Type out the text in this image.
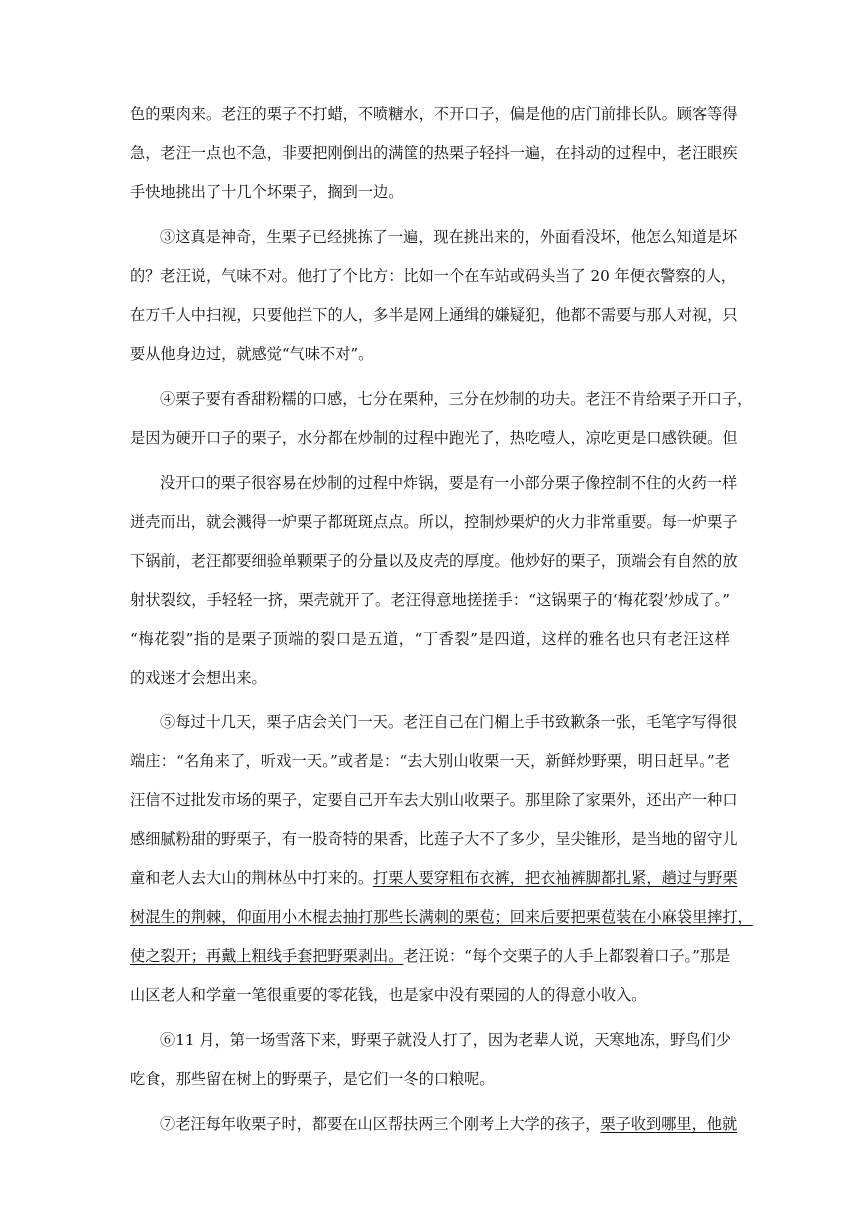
色的栗肉来。老汪的栗子不打蜡，不喷糖水，不开口子，偏是他的店门前排长队。顾客等得
急，老汪一点也不急，非要把刚倒出的满筐的热栗子轻抖一遍，在抖动的过程中，老汪眼疾
手快地挑出了十几个坏栗子，搁到一边。
③这真是神奇，生栗子已经挑拣了一遍，现在挑出来的，外面看没坏，他怎么知道是坏
的？老汪说，气味不对。他打了个比方：比如一个在车站或码头当了 20 年便衣警察的人，
在万千人中扫视，只要他拦下的人，多半是网上通缉的嫌疑犯，他都不需要与那人对视，只
要从他身边过，就感觉“气味不对”。
④栗子要有香甜粉糯的口感，七分在栗种，三分在炒制的功夫。老汪不肯给栗子开口子，
是因为硬开口子的栗子，水分都在炒制的过程中跑光了，热吃噎人，凉吃更是口感铁硬。但
没开口的栗子很容易在炒制的过程中炸锅，要是有一小部分栗子像控制不住的火药一样
迸壳而出，就会溅得一炉栗子都斑斑点点。所以，控制炒栗炉的火力非常重要。每一炉栗子
下锅前，老汪都要细验单颗栗子的分量以及皮壳的厚度。他炒好的栗子，顶端会有自然的放
射状裂纹，手轻轻一挤，栗壳就开了。老汪得意地搓搓手：“这锅栗子的‘梅花裂’炒成了。”
“梅花裂”指的是栗子顶端的裂口是五道，“丁香裂”是四道，这样的雅名也只有老汪这样
的戏迷才会想出来。
⑤每过十几天，栗子店会关门一天。老汪自己在门楣上手书致歉条一张，毛笔字写得很
端庄：“名角来了，听戏一天。”或者是：“去大别山收栗一天，新鲜炒野栗，明日赶早。”老
汪信不过批发市场的栗子，定要自己开车去大别山收栗子。那里除了家栗外，还出产一种口
感细腻粉甜的野栗子，有一股奇特的果香，比莲子大不了多少，呈尖锥形，是当地的留守儿
童和老人去大山的荆林丛中打来的。打栗人要穿粗布衣裤，把衣袖裤脚都扎紧，趟过与野栗
树混生的荆棘，仰面用小木棍去抽打那些长满刺的栗苞；回来后要把栗苞装在小麻袋里摔打，
使之裂开；再戴上粗线手套把野栗剥出。老汪说：“每个交栗子的人手上都裂着口子。”那是
山区老人和学童一笔很重要的零花钱，也是家中没有栗园的人的得意小收入。
⑥11 月，第一场雪落下来，野栗子就没人打了，因为老辈人说，天寒地冻，野鸟们少
吃食，那些留在树上的野栗子，是它们一冬的口粮呢。
⑦老汪每年收栗子时，都要在山区帮扶两三个刚考上大学的孩子，栗子收到哪里，他就
